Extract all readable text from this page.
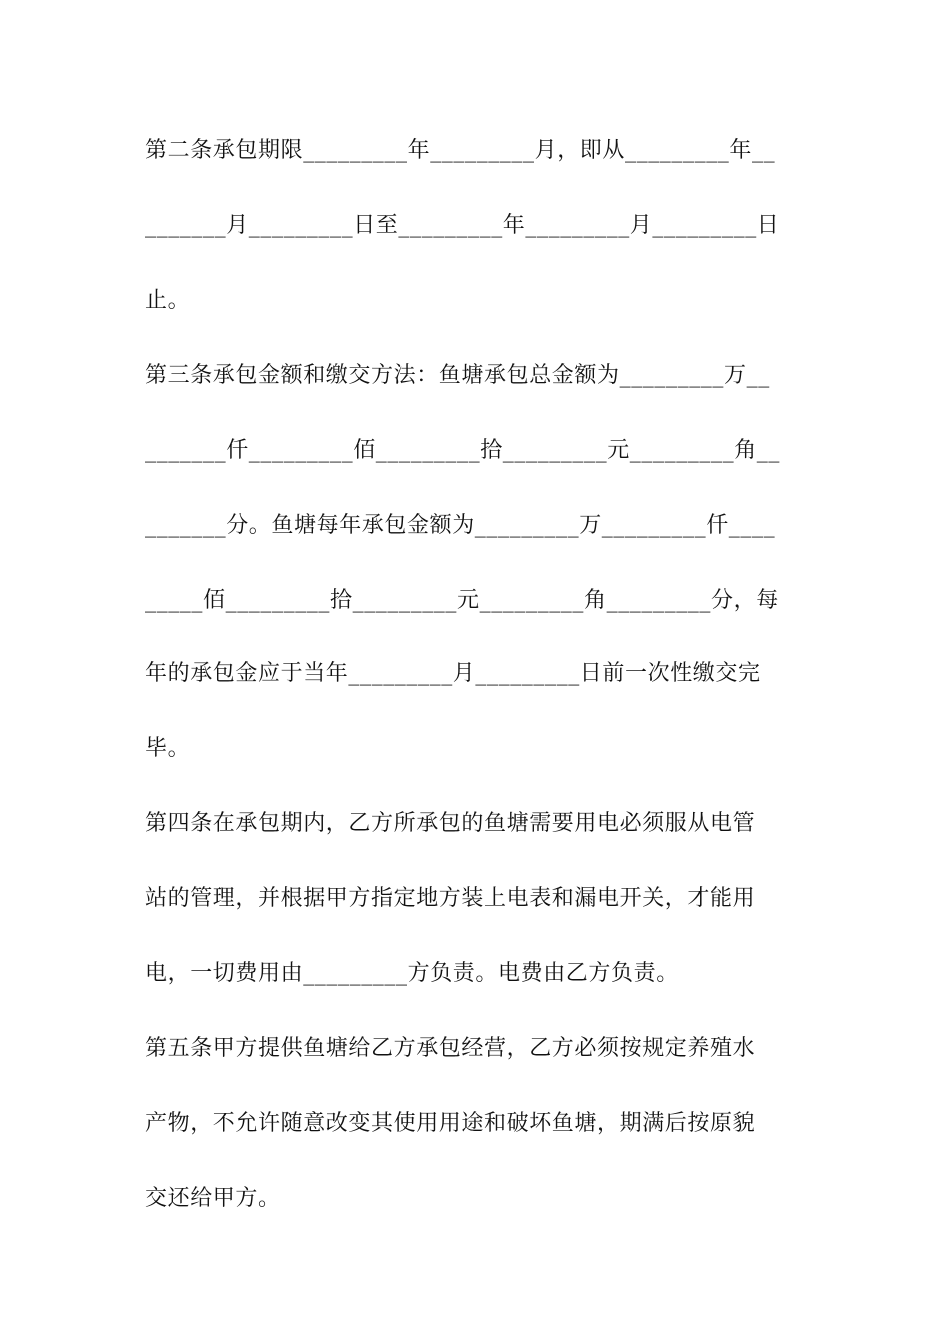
第二条承包期限_________年_________月，即从_________年__
_______月_________日至_________年_________月_________日
止。
第三条承包金额和缴交方法：鱼塘承包总金额为_________万__
_______仟_________佰_________拾_________元_________角__
_______分。鱼塘每年承包金额为_________万_________仟____
_____佰_________拾_________元_________角_________分，每
年的承包金应于当年_________月_________日前一次性缴交完
毕。
第四条在承包期内，乙方所承包的鱼塘需要用电必须服从电管
站的管理，并根据甲方指定地方装上电表和漏电开关，才能用
电，一切费用由_________方负责。电费由乙方负责。
第五条甲方提供鱼塘给乙方承包经营，乙方必须按规定养殖水
产物，不允许随意改变其使用用途和破坏鱼塘，期满后按原貌
交还给甲方。
